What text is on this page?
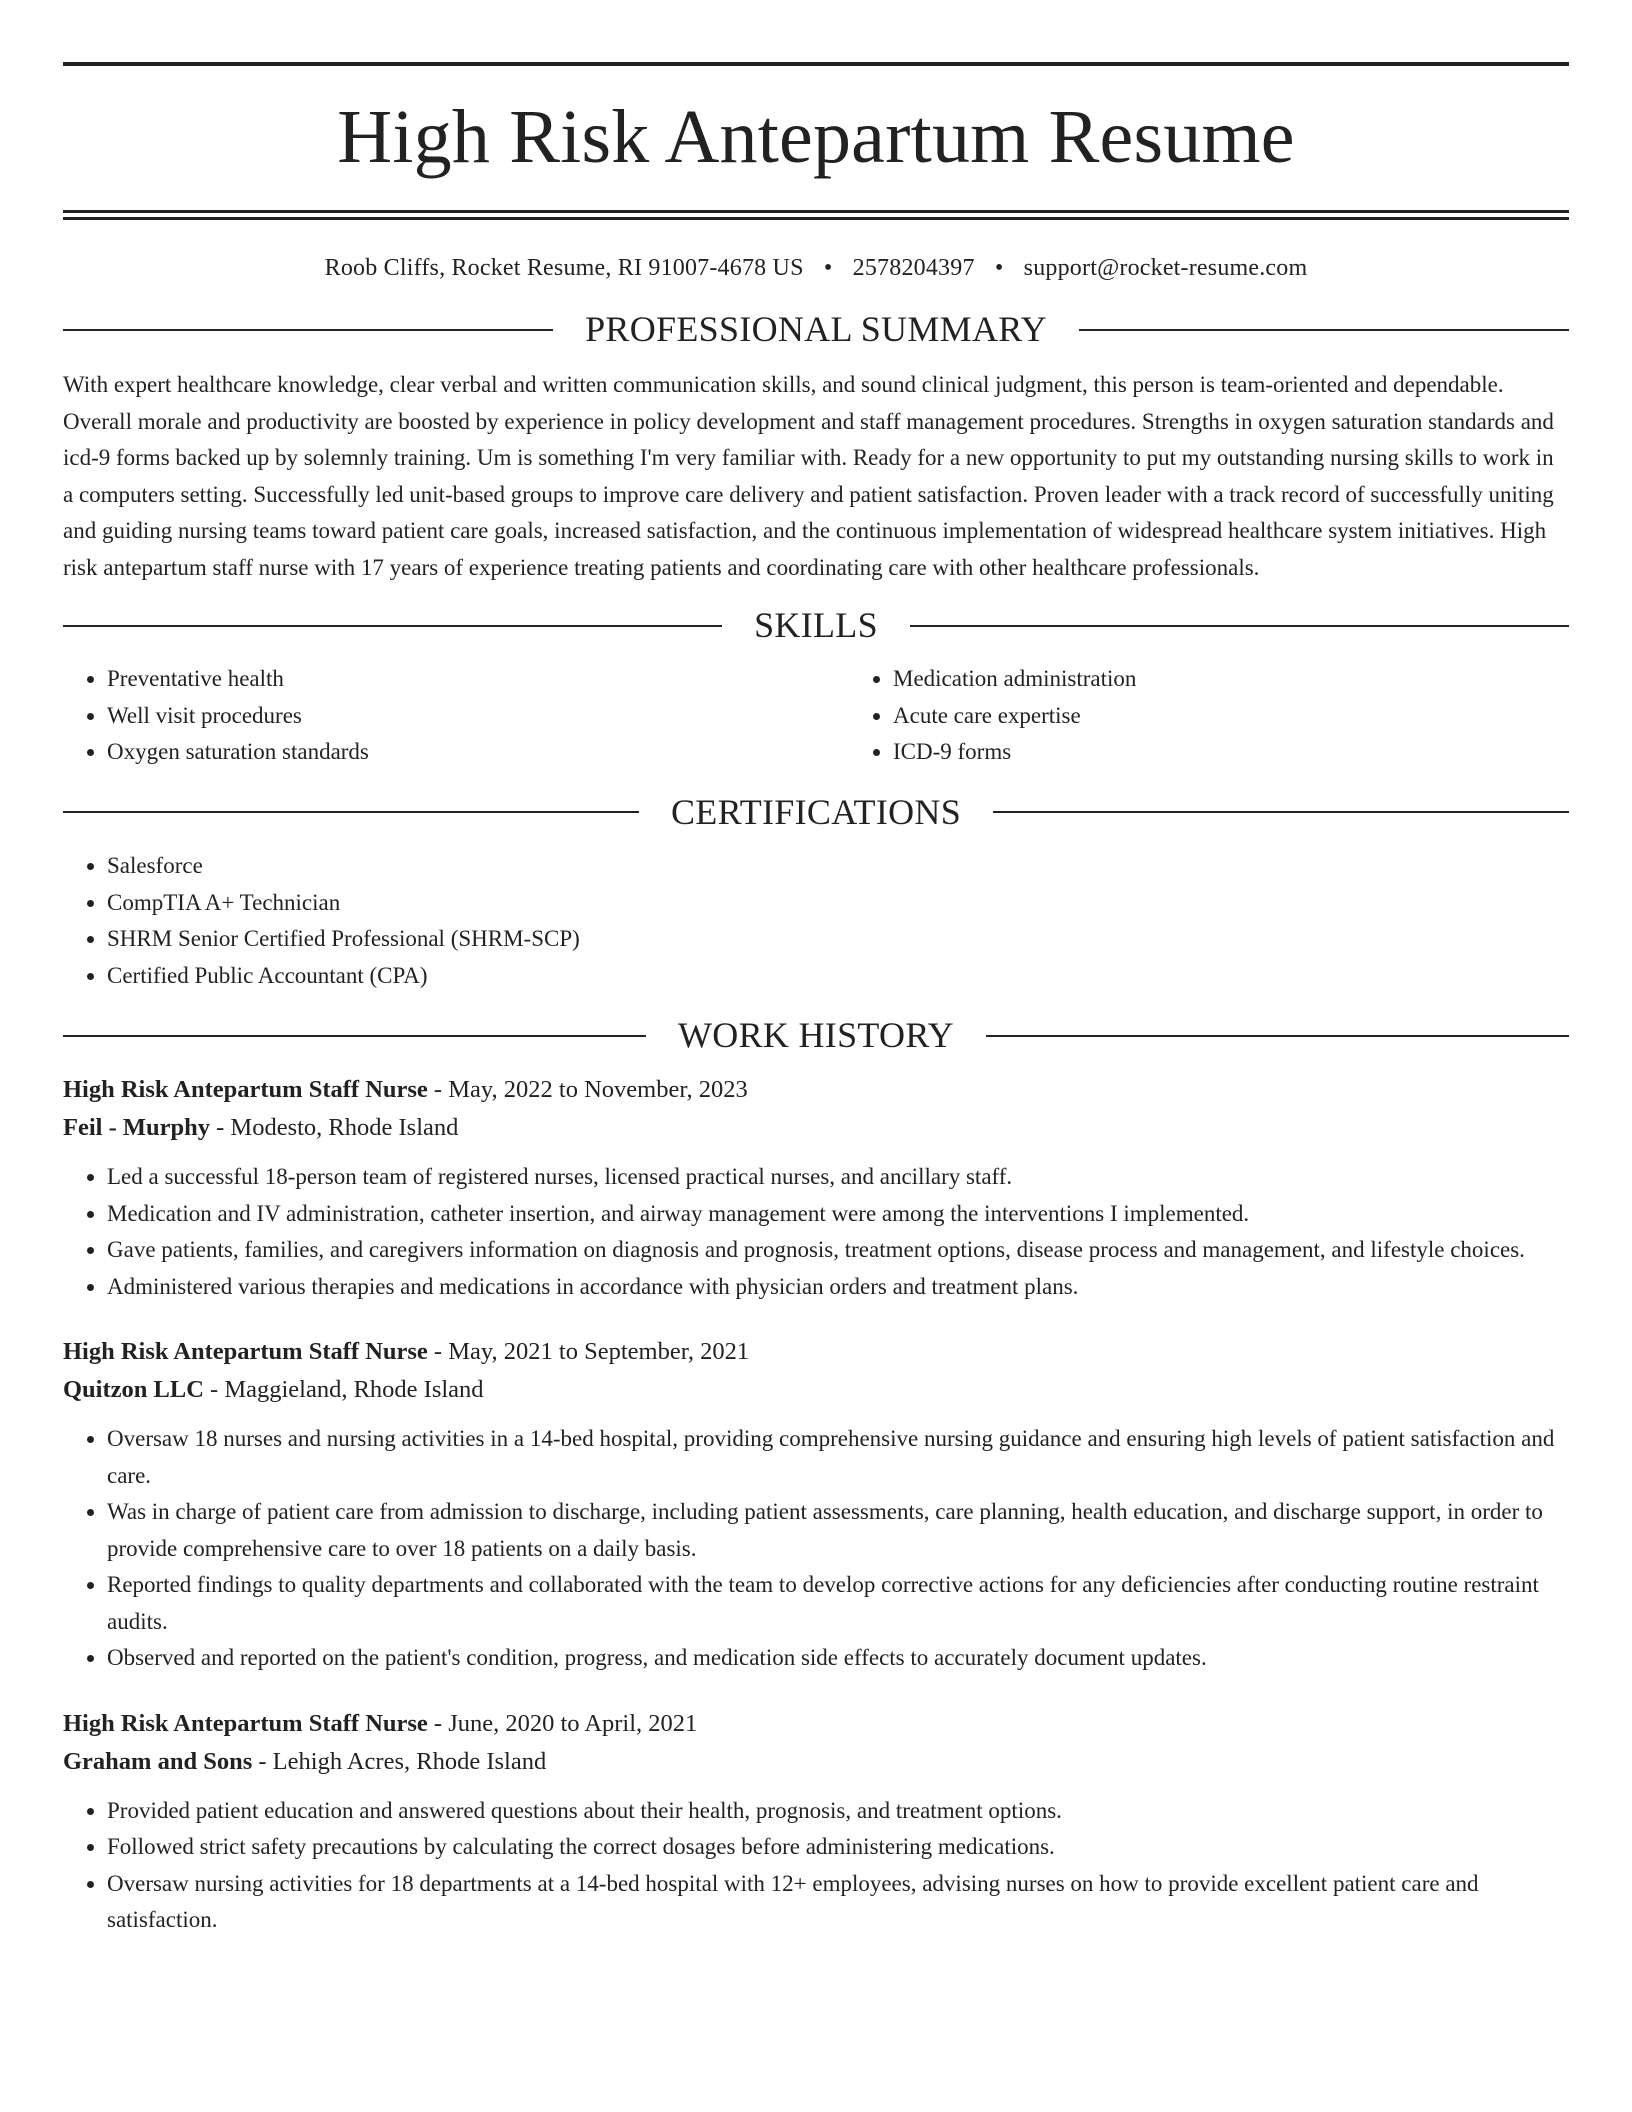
High Risk Antepartum Resume
Roob Cliffs, Rocket Resume, RI 91007-4678 US • 2578204397 • support@rocket-resume.com
PROFESSIONAL SUMMARY

With expert healthcare knowledge, clear verbal and written communication skills, and sound clinical judgment, this person is team-oriented and dependable. Overall morale and productivity are boosted by experience in policy development and staff management procedures. Strengths in oxygen saturation standards and icd-9 forms backed up by solemnly training. Um is something I'm very familiar with. Ready for a new opportunity to put my outstanding nursing skills to work in a computers setting. Successfully led unit-based groups to improve care delivery and patient satisfaction. Proven leader with a track record of successfully uniting and guiding nursing teams toward patient care goals, increased satisfaction, and the continuous implementation of widespread healthcare system initiatives. High risk antepartum staff nurse with 17 years of experience treating patients and coordinating care with other healthcare professionals.

SKILLS
• Preventative health
• Well visit procedures
• Oxygen saturation standards
• Medication administration
• Acute care expertise
• ICD-9 forms
CERTIFICATIONS
• Salesforce
• CompTIA A+ Technician
• SHRM Senior Certified Professional (SHRM-SCP)
• Certified Public Accountant (CPA)
WORK HISTORY
High Risk Antepartum Staff Nurse - May, 2022 to November, 2023
Feil - Murphy - Modesto, Rhode Island
• Led a successful 18-person team of registered nurses, licensed practical nurses, and ancillary staff.
• Medication and IV administration, catheter insertion, and airway management were among the interventions I implemented.
• Gave patients, families, and caregivers information on diagnosis and prognosis, treatment options, disease process and management, and lifestyle choices.
• Administered various therapies and medications in accordance with physician orders and treatment plans.
High Risk Antepartum Staff Nurse - May, 2021 to September, 2021
Quitzon LLC - Maggieland, Rhode Island
• Oversaw 18 nurses and nursing activities in a 14-bed hospital, providing comprehensive nursing guidance and ensuring high levels of patient satisfaction and care.
• Was in charge of patient care from admission to discharge, including patient assessments, care planning, health education, and discharge support, in order to provide comprehensive care to over 18 patients on a daily basis.
• Reported findings to quality departments and collaborated with the team to develop corrective actions for any deficiencies after conducting routine restraint audits.
• Observed and reported on the patient's condition, progress, and medication side effects to accurately document updates.
High Risk Antepartum Staff Nurse - June, 2020 to April, 2021
Graham and Sons - Lehigh Acres, Rhode Island
• Provided patient education and answered questions about their health, prognosis, and treatment options.
• Followed strict safety precautions by calculating the correct dosages before administering medications.
• Oversaw nursing activities for 18 departments at a 14-bed hospital with 12+ employees, advising nurses on how to provide excellent patient care and satisfaction.
